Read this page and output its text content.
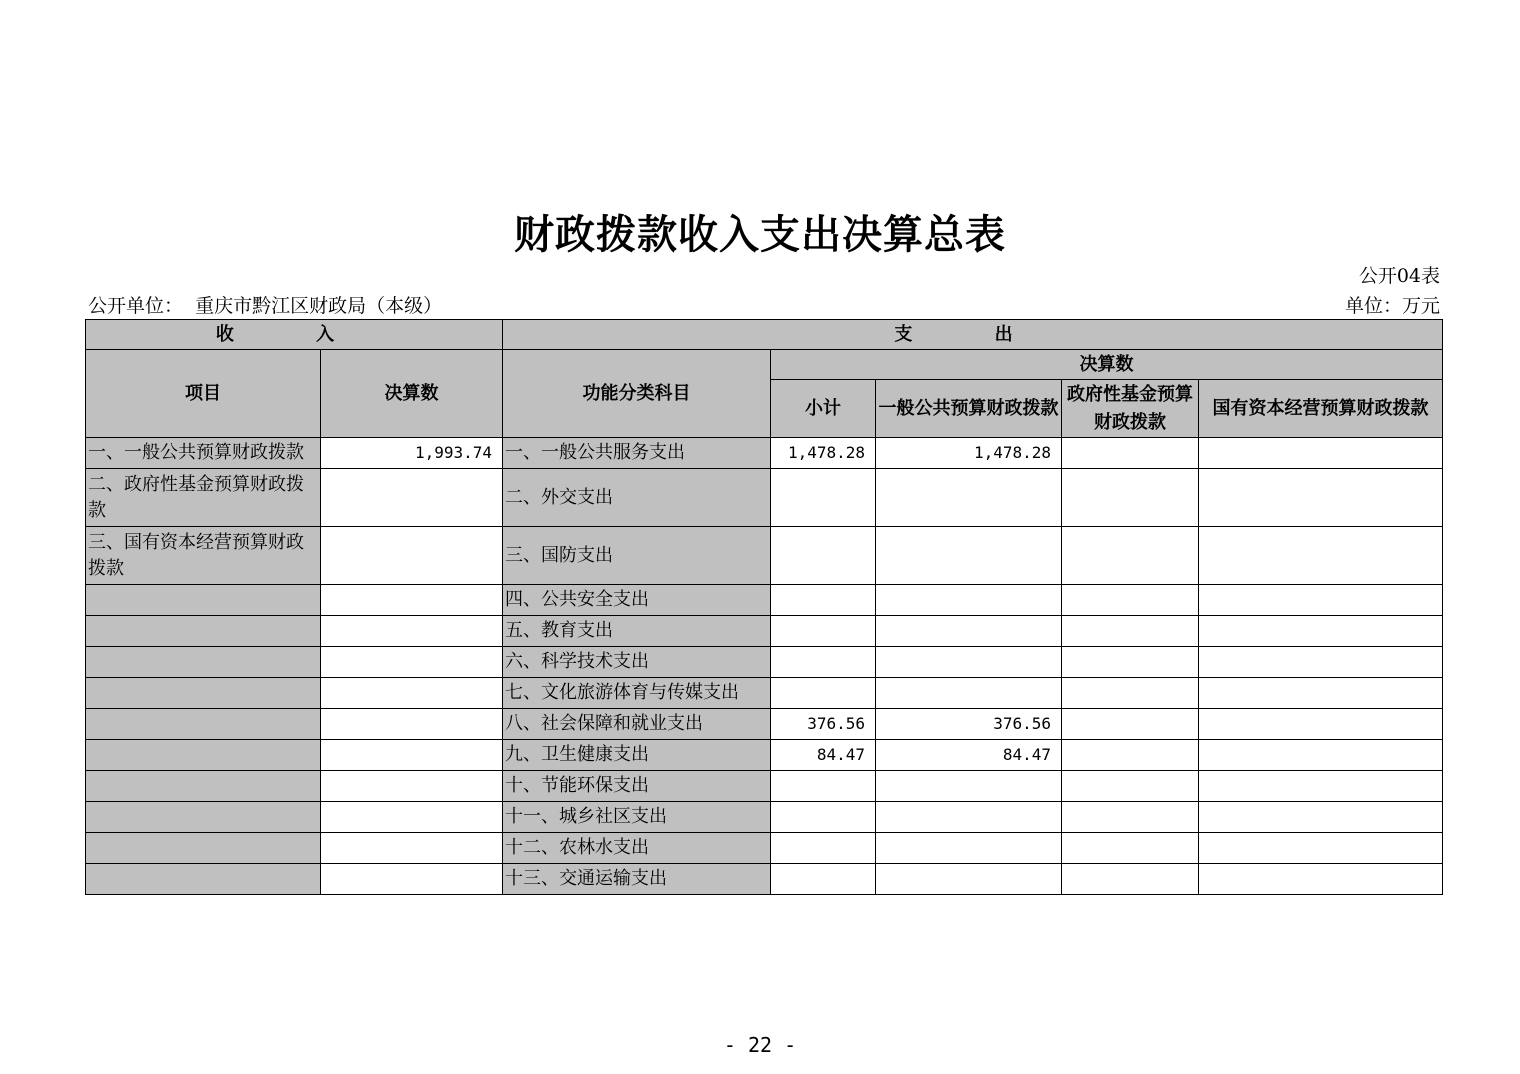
财政拨款收入支出决算总表
公开04表
公开单位：  重庆市黔江区财政局（本级）	单位：万元
收 入		支 出				
项目	决算数	功能分类科目	决算数			
			小计	一般公共预算财政拨款	政府性基金预算财政拨款	国有资本经营预算财政拨款
一、一般公共预算财政拨款	1,993.74	一、一般公共服务支出	1,478.28	1,478.28		
二、政府性基金预算财政拨款		二、外交支出				
三、国有资本经营预算财政拨款		三、国防支出				
		四、公共安全支出				
		五、教育支出				
		六、科学技术支出				
		七、文化旅游体育与传媒支出				
		八、社会保障和就业支出	376.56	376.56		
		九、卫生健康支出	84.47	84.47		
		十、节能环保支出				
		十一、城乡社区支出				
		十二、农林水支出				
		十三、交通运输支出				
- 22 -
